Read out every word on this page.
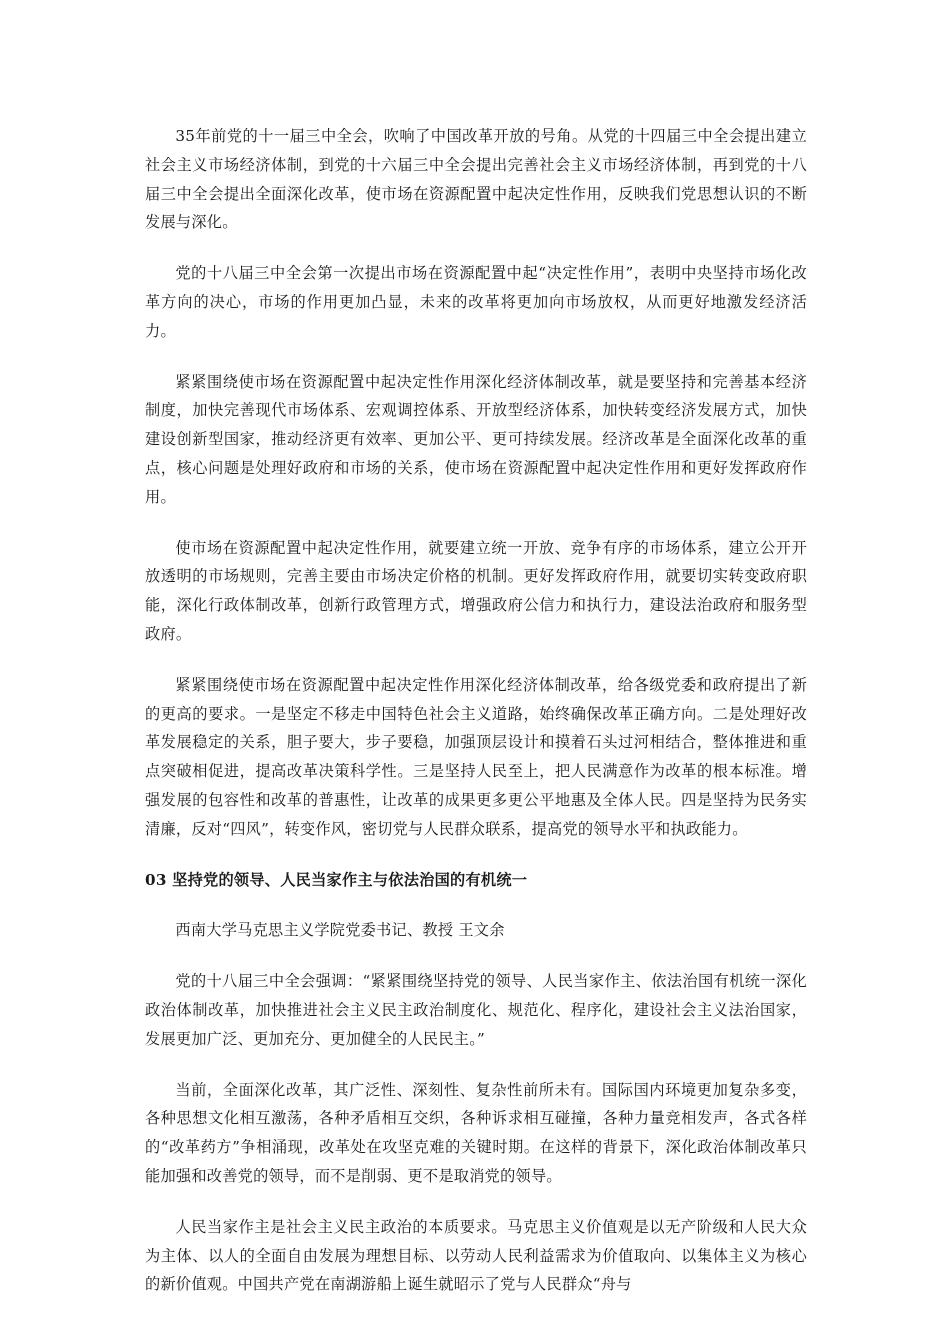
35年前党的十一届三中全会，吹响了中国改革开放的号角。从党的十四届三中全会提出建立社会主义市场经济体制，到党的十六届三中全会提出完善社会主义市场经济体制，再到党的十八届三中全会提出全面深化改革，使市场在资源配置中起决定性作用，反映我们党思想认识的不断发展与深化。

党的十八届三中全会第一次提出市场在资源配置中起“决定性作用”，表明中央坚持市场化改革方向的决心，市场的作用更加凸显，未来的改革将更加向市场放权，从而更好地激发经济活力。

紧紧围绕使市场在资源配置中起决定性作用深化经济体制改革，就是要坚持和完善基本经济制度，加快完善现代市场体系、宏观调控体系、开放型经济体系，加快转变经济发展方式，加快建设创新型国家，推动经济更有效率、更加公平、更可持续发展。经济改革是全面深化改革的重点，核心问题是处理好政府和市场的关系，使市场在资源配置中起决定性作用和更好发挥政府作用。

使市场在资源配置中起决定性作用，就要建立统一开放、竞争有序的市场体系，建立公开开放透明的市场规则，完善主要由市场决定价格的机制。更好发挥政府作用，就要切实转变政府职能，深化行政体制改革，创新行政管理方式，增强政府公信力和执行力，建设法治政府和服务型政府。

紧紧围绕使市场在资源配置中起决定性作用深化经济体制改革，给各级党委和政府提出了新的更高的要求。一是坚定不移走中国特色社会主义道路，始终确保改革正确方向。二是处理好改革发展稳定的关系，胆子要大，步子要稳，加强顶层设计和摸着石头过河相结合，整体推进和重点突破相促进，提高改革决策科学性。三是坚持人民至上，把人民满意作为改革的根本标准。增强发展的包容性和改革的普惠性，让改革的成果更多更公平地惠及全体人民。四是坚持为民务实清廉，反对“四风”，转变作风，密切党与人民群众联系，提高党的领导水平和执政能力。

03 坚持党的领导、人民当家作主与依法治国的有机统一

西南大学马克思主义学院党委书记、教授 王文余

党的十八届三中全会强调：“紧紧围绕坚持党的领导、人民当家作主、依法治国有机统一深化政治体制改革，加快推进社会主义民主政治制度化、规范化、程序化，建设社会主义法治国家，发展更加广泛、更加充分、更加健全的人民民主。”

当前，全面深化改革，其广泛性、深刻性、复杂性前所未有。国际国内环境更加复杂多变，各种思想文化相互激荡，各种矛盾相互交织，各种诉求相互碰撞，各种力量竞相发声，各式各样的“改革药方”争相涌现，改革处在攻坚克难的关键时期。在这样的背景下，深化政治体制改革只能加强和改善党的领导，而不是削弱、更不是取消党的领导。

人民当家作主是社会主义民主政治的本质要求。马克思主义价值观是以无产阶级和人民大众为主体、以人的全面自由发展为理想目标、以劳动人民利益需求为价值取向、以集体主义为核心的新价值观。中国共产党在南湖游船上诞生就昭示了党与人民群众“舟与
